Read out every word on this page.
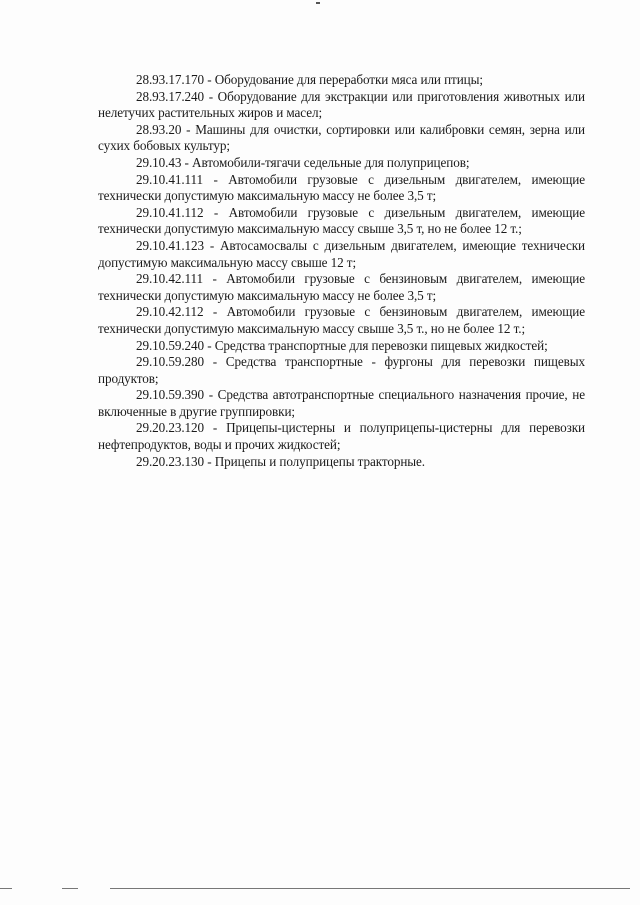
28.93.17.170 - Оборудование для переработки мяса или птицы;

28.93.17.240 - Оборудование для экстракции или приготовления животных или нелетучих растительных жиров и масел;

28.93.20 - Машины для очистки, сортировки или калибровки семян, зерна или сухих бобовых культур;

29.10.43 - Автомобили-тягачи седельные для полуприцепов;

29.10.41.111 - Автомобили грузовые с дизельным двигателем, имеющие технически допустимую максимальную массу не более 3,5 т;

29.10.41.112 - Автомобили грузовые с дизельным двигателем, имеющие технически допустимую максимальную массу свыше 3,5 т, но не более 12 т.;

29.10.41.123 - Автосамосвалы с дизельным двигателем, имеющие технически допустимую максимальную массу свыше 12 т;

29.10.42.111 - Автомобили грузовые с бензиновым двигателем, имеющие технически допустимую максимальную массу не более 3,5 т;

29.10.42.112 - Автомобили грузовые с бензиновым двигателем, имеющие технически допустимую максимальную массу свыше 3,5 т., но не более 12 т.;

29.10.59.240 - Средства транспортные для перевозки пищевых жидкостей;

29.10.59.280 - Средства транспортные - фургоны для перевозки пищевых продуктов;

29.10.59.390 - Средства автотранспортные специального назначения прочие, не включенные в другие группировки;

29.20.23.120 - Прицепы-цистерны и полуприцепы-цистерны для перевозки нефтепродуктов, воды и прочих жидкостей;

29.20.23.130 - Прицепы и полуприцепы тракторные.
